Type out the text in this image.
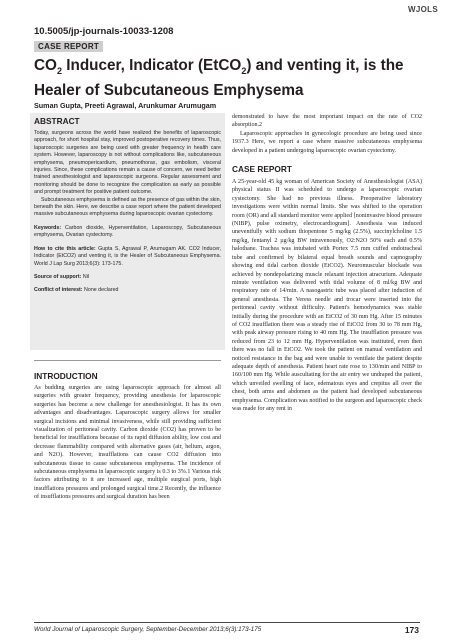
WJOLS
10.5005/jp-journals-10033-1208
CASE REPORT
$CO_2$ Inducer, Indicator (EtCO$_2$) and venting it, is the Healer of Subcutaneous Emphysema
Suman Gupta, Preeti Agrawal, Arunkumar Arumugam
ABSTRACT

Today, surgeons across the world have realized the benefits of laparoscopic approach, for short hospital stay, improved postoperative recovery times. Thus, laparoscopic surgeries are being used with greater frequency in health care system. However, laparoscopy is not without complications like, subcutaneous emphysema, pneumopericardium, pneumothorax, gas embolism, visceral injuries. Since, these complications remain a cause of concern, we need better trained anesthesiologist and laparoscopic surgeons. Regular assessment and monitoring should be done to recognize the complication as early as possible and prompt treatment for positive patient outcome.

Subcutaneous emphysema is defined as the presence of gas within the skin, beneath the skin. Here, we describe a case report where the patient developed massive subcutaneous emphysema during laparoscopic ovarian cystectomy.

Keywords: Carbon dioxide, Hyperventilation, Laparoscopy, Subcutaneous emphysema, Ovarian cystectomy.

How to cite this article: Gupta S, Agrawal P, Arumugam AK. CO2 Inducer, Indicator (EtCO2) and venting it, is the Healer of Subcutaneous Emphysema. World J Lap Surg 2013;6(3): 173-175.

Source of support: Nil

Conflict of interest: None declared

INTRODUCTION

As budding surgeries are using laparoscopic approach for almost all surgeries with greater frequency, providing anesthesia for laparoscopic surgeries has become a new challenge for anesthesiologist. It has its own advantages and disadvantages. Laparoscopic surgery allows for smaller surgical incisions and minimal invasiveness, while still providing sufficient visualization of peritoneal cavity. Carbon dioxide (CO2) has proven to be beneficial for insufflations because of its rapid diffusion ability, low cost and decrease flammability compared with alternative gases (air, helium, argon, and N2O). However, insufflations can cause CO2 diffusion into subcutaneous tissue to cause subcutaneous emphysema. The incidence of subcutaneous emphysema in laparoscopic surgery is 0.3 to 3%.1 Various risk factors attributing to it are increased age, multiple surgical ports, high insufflations pressures and prolonged surgical time.2 Recently, the influence of insufflations pressures and surgical duration has been

demonstrated to have the most important impact on the rate of CO2 absorption.2

Laparoscopic approaches in gynecologic procedure are being used since 1937.3 Here, we report a case where massive subcutaneous emphysema developed in a patient undergoing laparoscopic ovarian cystectomy.

CASE REPORT

A 25-year-old 45 kg woman of American Society of Anesthesiologist (ASA) physical status II was scheduled to undergo a laparoscopic ovarian cystectomy. She had no previous illness. Preoperative laboratory investigations were within normal limits. She was shifted to the operation room (OR) and all standard monitor were applied [noninvasive blood pressure (NIBP), pulse oximetry, electrocardiogram]. Anesthesia was induced uneventfully with sodium thiopentone 5 mg/kg (2.5%), succinylcholine 1.5 mg/kg, fentanyl 2 µg/kg BW intravenously, O2:N2O 50% each and 0.5% halothane. Trachea was intubated with Portex 7.5 mm cuffed endotracheal tube and confirmed by bilateral equal breath sounds and capnography showing end tidal carbon dioxide (EtCO2). Neuromuscular blockade was achieved by nondepolarizing muscle relaxant injection atracurium. Adequate minute ventilation was delivered with tidal volume of 8 ml/kg BW and respiratory rate of 14/min. A nasogastric tube was placed after induction of general anesthesia. The Veress needle and trocar were inserted into the peritoneal cavity without difficulty. Patient's hemodynamics was stable initially during the procedure with an EtCO2 of 30 mm Hg. After 15 minutes of CO2 insufflation there was a steady rise of EtCO2 from 30 to 78 mm Hg, with peak airway pressure rising to 40 mm Hg. The insufflation pressure was reduced from 23 to 12 mm Hg. Hyperventilation was instituted, even then there was no fall in EtCO2. We took the patient on manual ventilation and noticed resistance in the bag and were unable to ventilate the patient despite adequate depth of anesthesia. Patient heart rate rose to 130/min and NIBP to 160/100 mm Hg. While auscultating for the air entry we undraped the patient, which unveiled swelling of face, edematous eyes and crepitus all over the chest, both arms and abdomen as the patient had developed subcutaneous emphysema. Complication was notified to the surgeon and laparoscopic check was made for any rent in

World Journal of Laparoscopic Surgery, September-December 2013;6(3):173-175	173
